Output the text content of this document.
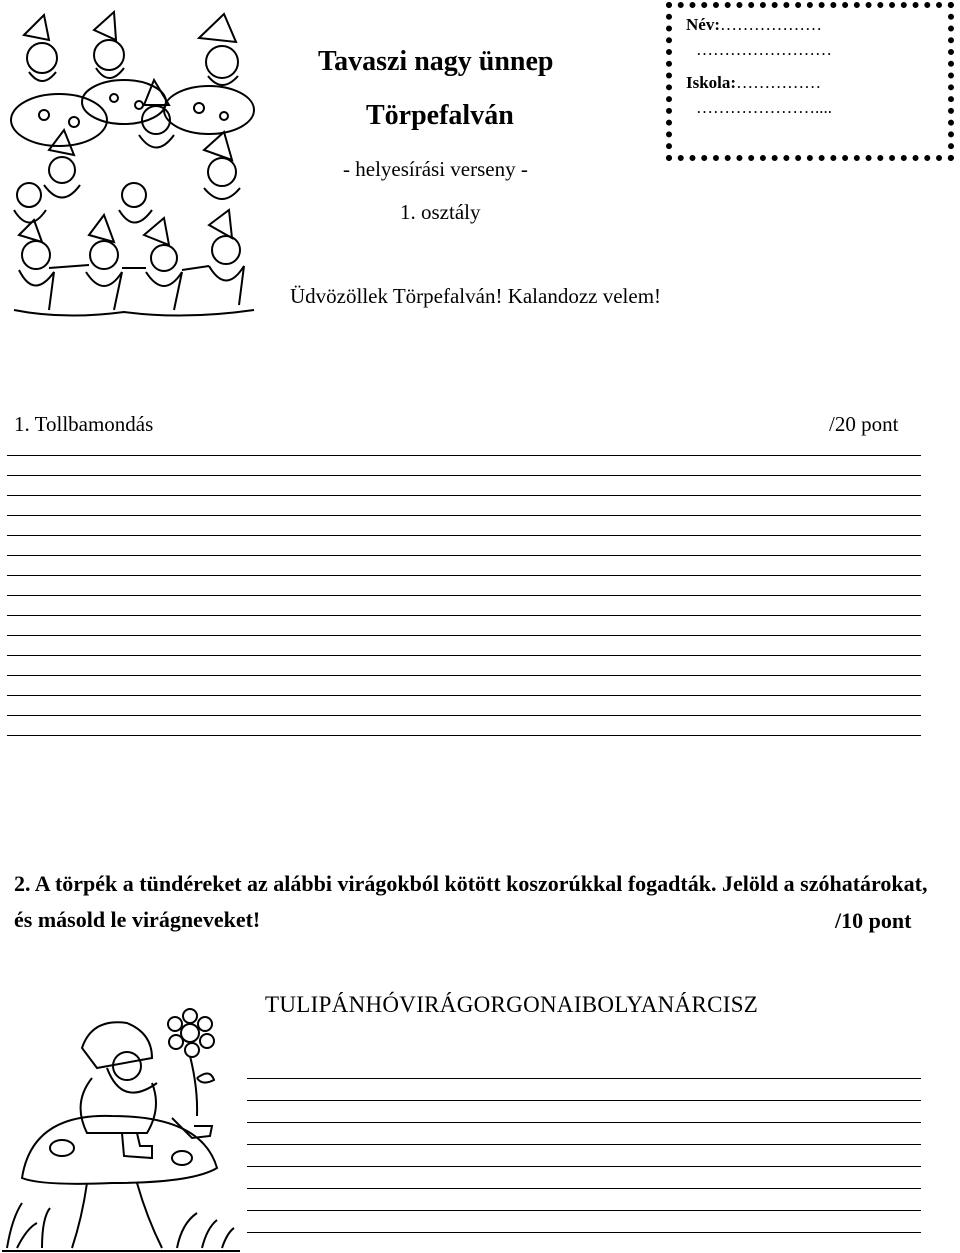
Tavaszi nagy ünnep
Törpefalván
- helyesírási verseny -
1. osztály
Név:………………
……………………
Iskola:……………
…………………....
Üdvözöllek Törpefalván! Kalandozz velem!
1. Tollbamondás	/20 pont
2. A törpék a tündéreket az alábbi virágokból kötött koszorúkkal fogadták. Jelöld a szóhatárokat, és másold le virágneveket!	/10 pont
TULIPÁNHÓVIRÁGORGONAIBOLYANÁRCISZ
